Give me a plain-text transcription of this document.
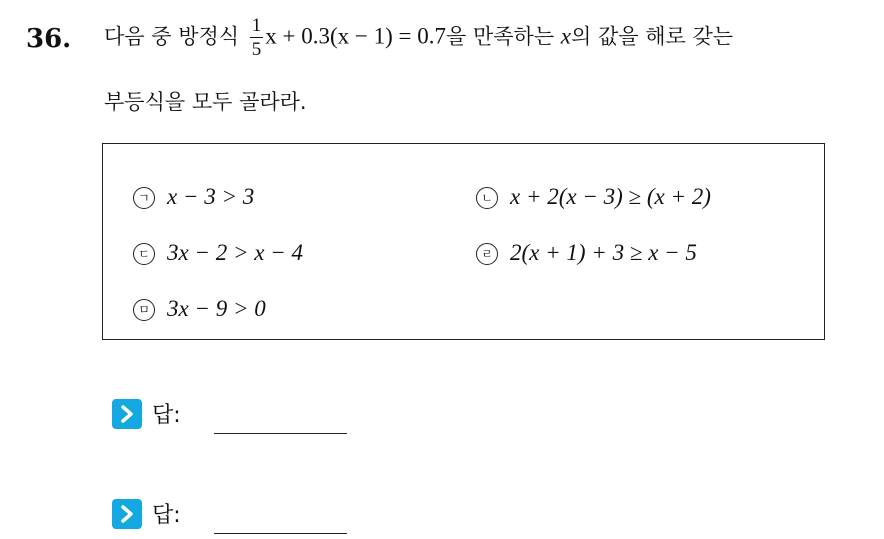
36. 다음 중 방정식 $\frac{1}{5}$ x + 0.3(x − 1) = 0.7을 만족하는 x의 값을 해로 갖는
부등식을 모두 골라라.
ㄱ x − 3 > 3	ㄴ x + 2(x − 3) ≥ (x + 2)
ㄷ 3x − 2 > x − 4	ㄹ 2(x + 1) + 3 ≥ x − 5
ㅁ 3x − 9 > 0
답:
답:
